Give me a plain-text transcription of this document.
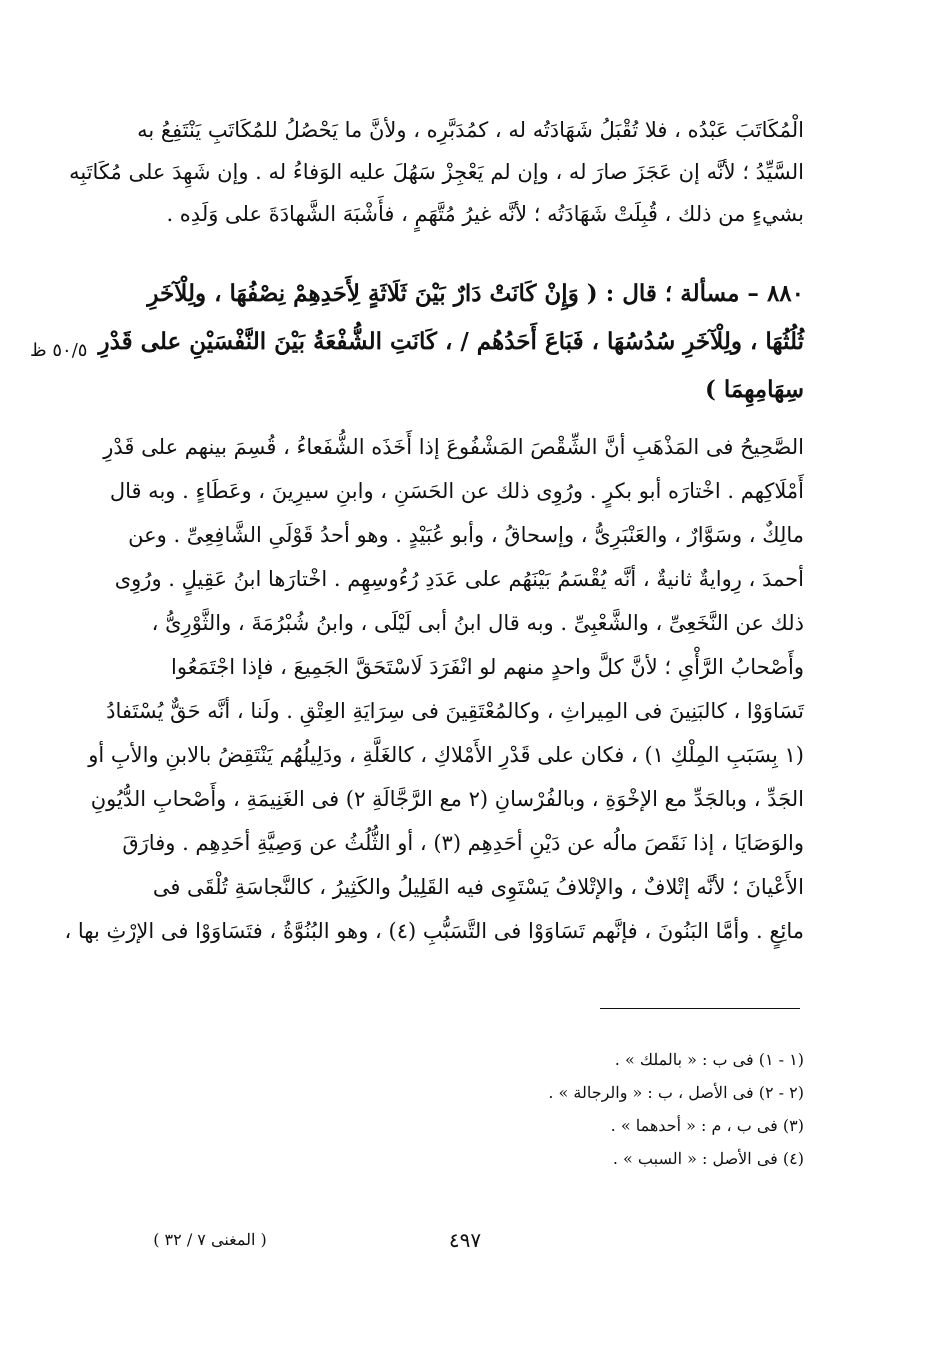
الْمُكَاتَبَ عَبْدُه ، فلا تُقْبَلُ شَهَادَتُه له ، كمُدَبَّرِه ، ولأنَّ ما يَحْصُلُ للمُكَاتَبِ يَنْتَفِعُ به
السَّيِّدُ ؛ لأنَّه إن عَجَزَ صارَ له ، وإن لم يَعْجِزْ سَهُلَ عليه الوَفاءُ له . وإن شَهِدَ على مُكَاتَبِه
بشيءٍ من ذلك ، قُبِلَتْ شَهَادَتُه ؛ لأنَّه غيرُ مُتَّهَمٍ ، فأَشْبَهَ الشَّهادَةَ على وَلَدِه .
٨٨٠ – مسألة ؛ قال : ( وَإِنْ كَانَتْ دَارٌ بَيْنَ ثَلَاثَةٍ لِأَحَدِهِمْ نِصْفُهَا ، ولِلْآخَرِ
ثُلُثُهَا ، ولِلْآخَرِ سُدُسُهَا ، فَبَاعَ أَحَدُهُم / ، كَانَتِ الشُّفْعَةُ بَيْنَ النَّفْسَيْنِ على قَدْرِ
سِهَامِهِمَا )
٥٠/٥ ظ
الصَّحِيحُ فى المَذْهَبِ أنَّ الشِّقْصَ المَشْفُوعَ إذا أَخَذَه الشُّفَعاءُ ، قُسِمَ بينهم على قَدْرِ
أَمْلَاكِهم . اخْتارَه أبو بكرٍ . ورُوِى ذلك عن الحَسَنِ ، وابنِ سيرِينَ ، وعَطَاءٍ . وبه قال
مالِكٌ ، وسَوَّارٌ ، والعَنْبَرِىُّ ، وإسحاقُ ، وأبو عُبَيْدٍ . وهو أحدُ قَوْلَىِ الشَّافِعِىِّ . وعن
أحمدَ ، رِوايةٌ ثانيةٌ ، أنَّه يُقْسَمُ بَيْنَهُم على عَدَدِ رُءُوسِهِم . اخْتارَها ابنُ عَقِيلٍ . ورُوِى
ذلك عن النَّخَعِىِّ ، والشَّعْبِىِّ . وبه قال ابنُ أبى لَيْلَى ، وابنُ شُبْرُمَةَ ، والثَّوْرِىُّ ،
وأَصْحابُ الرَّأْىِ ؛ لأنَّ كلَّ واحدٍ منهم لو انْفَرَدَ لَاسْتَحَقَّ الجَمِيعَ ، فإذا اجْتَمَعُوا
تَسَاوَوْا ، كالبَنِينَ فى المِيراثِ ، وكالمُعْتَقِينَ فى سِرَايَةِ العِتْقِ . ولَنا ، أنَّه حَقٌّ يُسْتَفادُ
(١ بِسَبَبِ المِلْكِ ١) ، فكان على قَدْرِ الأَمْلاكِ ، كالغَلَّةِ ، ودَلِيلُهُم يَنْتَقِضُ بالابنِ والأبِ أو
الجَدِّ ، وبالجَدِّ مع الإخْوَةِ ، وبالفُرْسانِ (٢ مع الرَّجَّالَةِ ٢) فى الغَنِيمَةِ ، وأَصْحابِ الدُّيُونِ
والوَصَايَا ، إذا نَقَصَ مالُه عن دَيْنِ أحَدِهِم (٣) ، أو الثُّلُثُ عن وَصِيَّةِ أحَدِهِم . وفارَقَ
الأَعْيانَ ؛ لأنَّه إتْلافٌ ، والإتْلافُ يَسْتَوِى فيه القَلِيلُ والكَثِيرُ ، كالنَّجاسَةِ تُلْقَى فى
مائِعٍ . وأمَّا البَنُونَ ، فإنَّهم تَسَاوَوْا فى التَّسَبُّبِ (٤) ، وهو البُنُوَّةُ ، فتَسَاوَوْا فى الإرْثِ بها ،
(١ - ١) فى ب : « بالملك » .
(٢ - ٢) فى الأصل ، ب : « والرجالة » .
(٣) فى ب ، م : « أحدهما » .
(٤) فى الأصل : « السبب » .
٤٩٧
( المغنى ٧ / ٣٢ )
